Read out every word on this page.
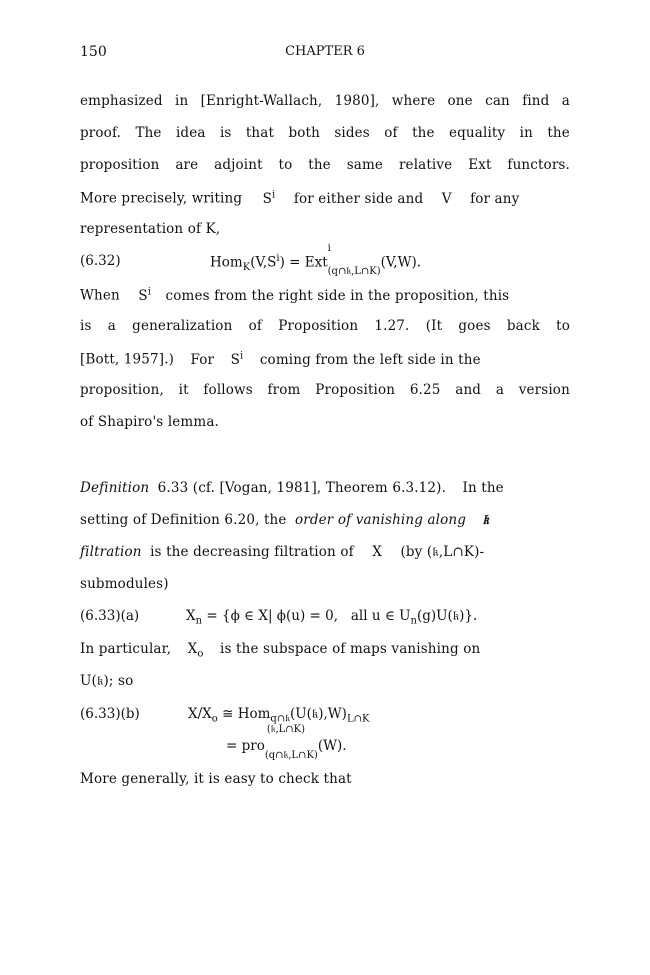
150	CHAPTER 6
emphasized in [Enright-Wallach, 1980], where one can find a
proof. The idea is that both sides of the equality in the
proposition are adjoint to the same relative Ext functors.
More precisely, writing $S^i$ for either side and V for any
representation of K,
(6.32)	$Hom_K(V,S^i)$ = Ext
i
$_{(q\cap 𝔨,L\cap K)}$(V,W).
When $S^i$ comes from the right side in the proposition, this
is a generalization of Proposition 1.27. (It goes back to
[Bott, 1957].) For $S^i$ coming from the left side in the
proposition, it follows from Proposition 6.25 and a version
of Shapiro's lemma.
Definition 6.33 (cf. [Vogan, 1981], Theorem 6.3.12). In the
setting of Definition 6.20, the order of vanishing along 𝔨
filtration is the decreasing filtration of X (by (𝔨,L∩K)-
submodules)
(6.33)(a)	$X_n = \{\phi$ ∈ X| ϕ(u) = 0, all u ∈ $U_n(g)U(𝔨)$}.
In particular, $X_o$ is the subspace of maps vanishing on
U(𝔨); so
(6.33)(b)	$X/X_o$ ≅ $Hom_{q\cap 𝔨}(U(𝔨),W)_{L\cap K}$
= pro
(𝔨,L∩K)
$_{(q\cap 𝔨,L\cap K)}$(W).
More generally, it is easy to check that
